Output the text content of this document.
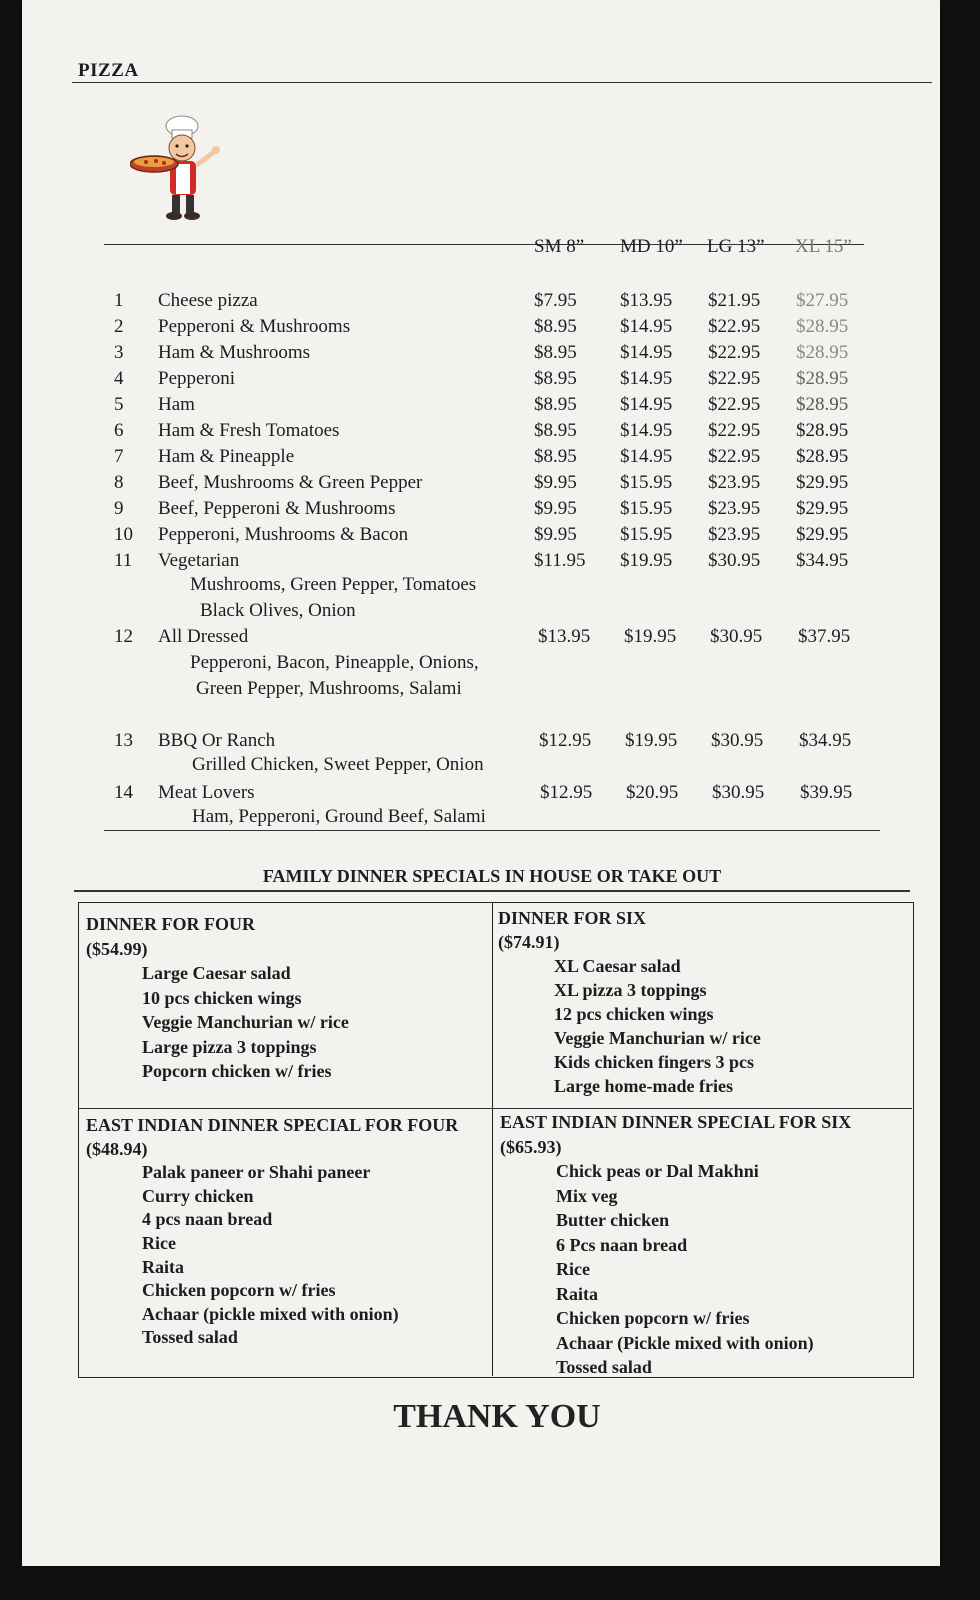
PIZZA
SM 8” MD 10” LG 13” XL 15”
1 Cheese pizza	$7.95 $13.95 $21.95 $27.95
2 Pepperoni & Mushrooms	$8.95 $14.95 $22.95 $28.95
3 Ham & Mushrooms	$8.95 $14.95 $22.95 $28.95
4 Pepperoni	$8.95 $14.95 $22.95 $28.95
5 Ham	$8.95 $14.95 $22.95 $28.95
6 Ham & Fresh Tomatoes	$8.95 $14.95 $22.95 $28.95
7 Ham & Pineapple	$8.95 $14.95 $22.95 $28.95
8 Beef, Mushrooms & Green Pepper	$9.95 $15.95 $23.95 $29.95
9 Beef, Pepperoni & Mushrooms	$9.95 $15.95 $23.95 $29.95
10 Pepperoni, Mushrooms & Bacon	$9.95 $15.95 $23.95 $29.95
11 Vegetarian	$11.95 $19.95 $30.95 $34.95
Mushrooms, Green Pepper, Tomatoes
Black Olives, Onion
12 All Dressed	$13.95 $19.95 $30.95 $37.95
Pepperoni, Bacon, Pineapple, Onions,
Green Pepper, Mushrooms, Salami
13 BBQ Or Ranch	$12.95 $19.95 $30.95 $34.95
Grilled Chicken, Sweet Pepper, Onion
14 Meat Lovers	$12.95 $20.95 $30.95 $39.95
Ham, Pepperoni, Ground Beef, Salami
FAMILY DINNER SPECIALS IN HOUSE OR TAKE OUT
DINNER FOR FOUR
($54.99)
Large Caesar salad
10 pcs chicken wings
Veggie Manchurian w/ rice
Large pizza 3 toppings
Popcorn chicken w/ fries
DINNER FOR SIX
($74.91)
XL Caesar salad
XL pizza 3 toppings
12 pcs chicken wings
Veggie Manchurian w/ rice
Kids chicken fingers 3 pcs
Large home-made fries
EAST INDIAN DINNER SPECIAL FOR FOUR
($48.94)
Palak paneer or Shahi paneer
Curry chicken
4 pcs naan bread
Rice
Raita
Chicken popcorn w/ fries
Achaar (pickle mixed with onion)
Tossed salad
EAST INDIAN DINNER SPECIAL FOR SIX
($65.93)
Chick peas or Dal Makhni
Mix veg
Butter chicken
6 Pcs naan bread
Rice
Raita
Chicken popcorn w/ fries
Achaar (Pickle mixed with onion)
Tossed salad
THANK YOU
